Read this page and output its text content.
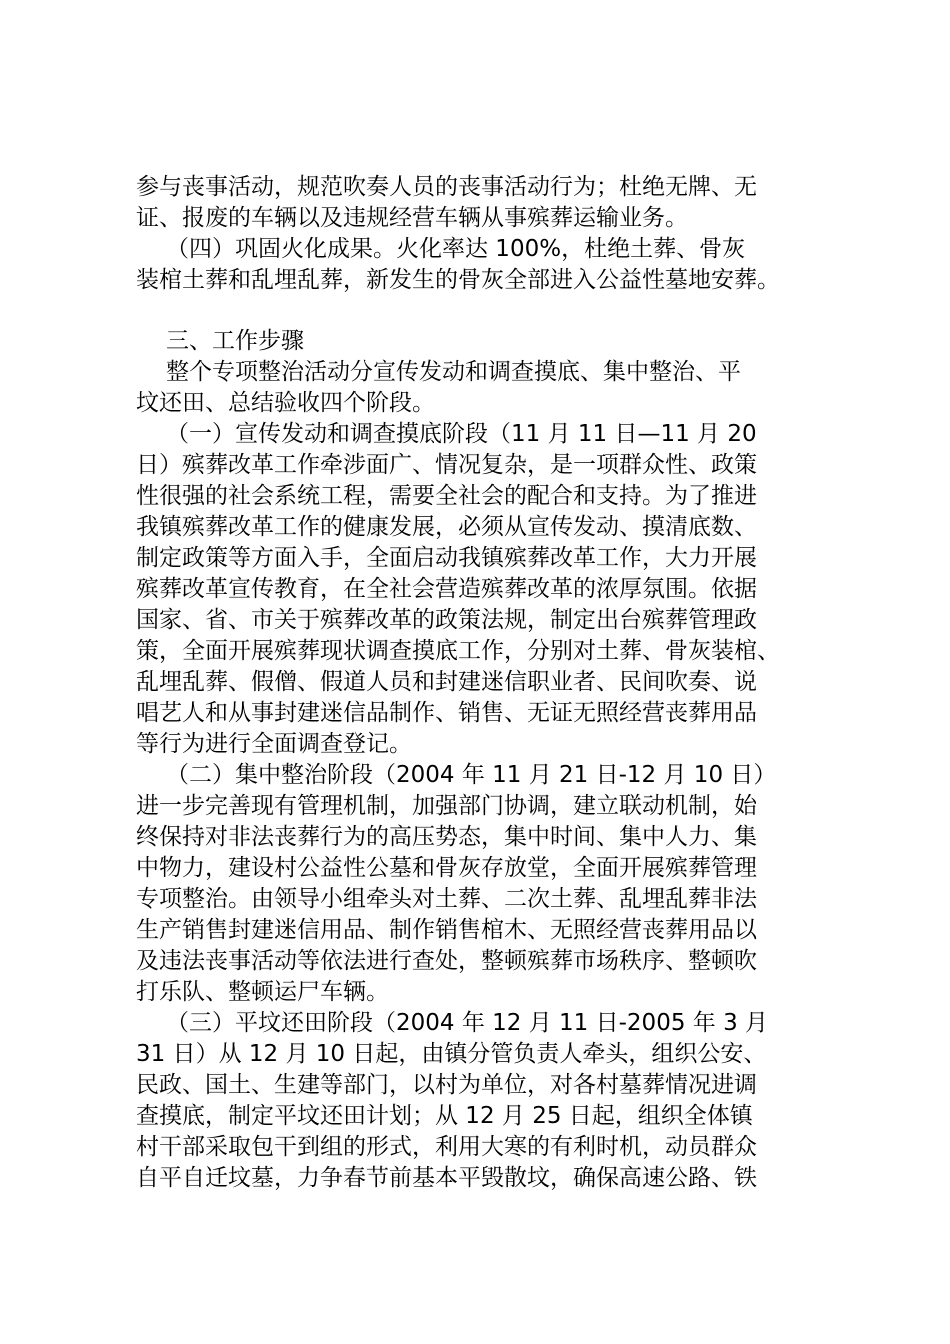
参与丧事活动，规范吹奏人员的丧事活动行为；杜绝无牌、无
证、报废的车辆以及违规经营车辆从事殡葬运输业务。
（四）巩固火化成果。火化率达 100%，杜绝土葬、骨灰
装棺土葬和乱埋乱葬，新发生的骨灰全部进入公益性墓地安葬。
三、工作步骤
整个专项整治活动分宣传发动和调查摸底、集中整治、平
坟还田、总结验收四个阶段。
（一）宣传发动和调查摸底阶段（11 月 11 日—11 月 20
日）殡葬改革工作牵涉面广、情况复杂，是一项群众性、政策
性很强的社会系统工程，需要全社会的配合和支持。为了推进
我镇殡葬改革工作的健康发展，必须从宣传发动、摸清底数、
制定政策等方面入手，全面启动我镇殡葬改革工作，大力开展
殡葬改革宣传教育，在全社会营造殡葬改革的浓厚氛围。依据
国家、省、市关于殡葬改革的政策法规，制定出台殡葬管理政
策，全面开展殡葬现状调查摸底工作，分别对土葬、骨灰装棺、
乱埋乱葬、假僧、假道人员和封建迷信职业者、民间吹奏、说
唱艺人和从事封建迷信品制作、销售、无证无照经营丧葬用品
等行为进行全面调查登记。
（二）集中整治阶段（2004 年 11 月 21 日-12 月 10 日）
进一步完善现有管理机制，加强部门协调，建立联动机制，始
终保持对非法丧葬行为的高压势态，集中时间、集中人力、集
中物力，建设村公益性公墓和骨灰存放堂，全面开展殡葬管理
专项整治。由领导小组牵头对土葬、二次土葬、乱埋乱葬非法
生产销售封建迷信用品、制作销售棺木、无照经营丧葬用品以
及违法丧事活动等依法进行查处，整顿殡葬市场秩序、整顿吹
打乐队、整顿运尸车辆。
（三）平坟还田阶段（2004 年 12 月 11 日-2005 年 3 月
31 日）从 12 月 10 日起，由镇分管负责人牵头，组织公安、
民政、国土、生建等部门，以村为单位，对各村墓葬情况进调
查摸底，制定平坟还田计划；从 12 月 25 日起，组织全体镇
村干部采取包干到组的形式，利用大寒的有利时机，动员群众
自平自迁坟墓，力争春节前基本平毁散坟，确保高速公路、铁
